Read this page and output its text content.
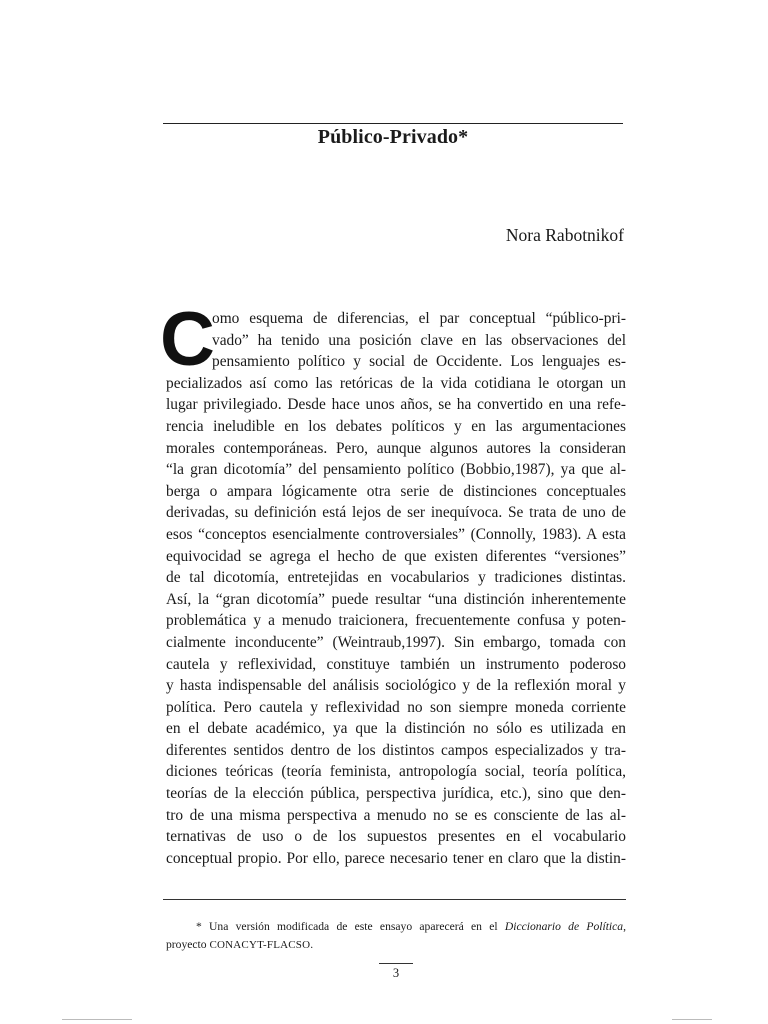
Público-Privado*
Nora Rabotnikof
C
omo esquema de diferencias, el par conceptual “público-pri-
vado” ha tenido una posición clave en las observaciones del
pensamiento político y social de Occidente. Los lenguajes es-
pecializados así como las retóricas de la vida cotidiana le otorgan un
lugar privilegiado. Desde hace unos años, se ha convertido en una refe-
rencia ineludible en los debates políticos y en las argumentaciones
morales contemporáneas. Pero, aunque algunos autores la consideran
“la gran dicotomía” del pensamiento político (Bobbio,1987), ya que al-
berga o ampara lógicamente otra serie de distinciones conceptuales
derivadas, su definición está lejos de ser inequívoca. Se trata de uno de
esos “conceptos esencialmente controversiales” (Connolly, 1983). A esta
equivocidad se agrega el hecho de que existen diferentes “versiones”
de tal dicotomía, entretejidas en vocabularios y tradiciones distintas.
Así, la “gran dicotomía” puede resultar “una distinción inherentemente
problemática y a menudo traicionera, frecuentemente confusa y poten-
cialmente inconducente” (Weintraub,1997). Sin embargo, tomada con
cautela y reflexividad, constituye también un instrumento poderoso
y hasta indispensable del análisis sociológico y de la reflexión moral y
política. Pero cautela y reflexividad no son siempre moneda corriente
en el debate académico, ya que la distinción no sólo es utilizada en
diferentes sentidos dentro de los distintos campos especializados y tra-
diciones teóricas (teoría feminista, antropología social, teoría política,
teorías de la elección pública, perspectiva jurídica, etc.), sino que den-
tro de una misma perspectiva a menudo no se es consciente de las al-
ternativas de uso o de los supuestos presentes en el vocabulario
conceptual propio. Por ello, parece necesario tener en claro que la distin-
* Una versión modificada de este ensayo aparecerá en el Diccionario de Política,
proyecto CONACYT-FLACSO.
3
